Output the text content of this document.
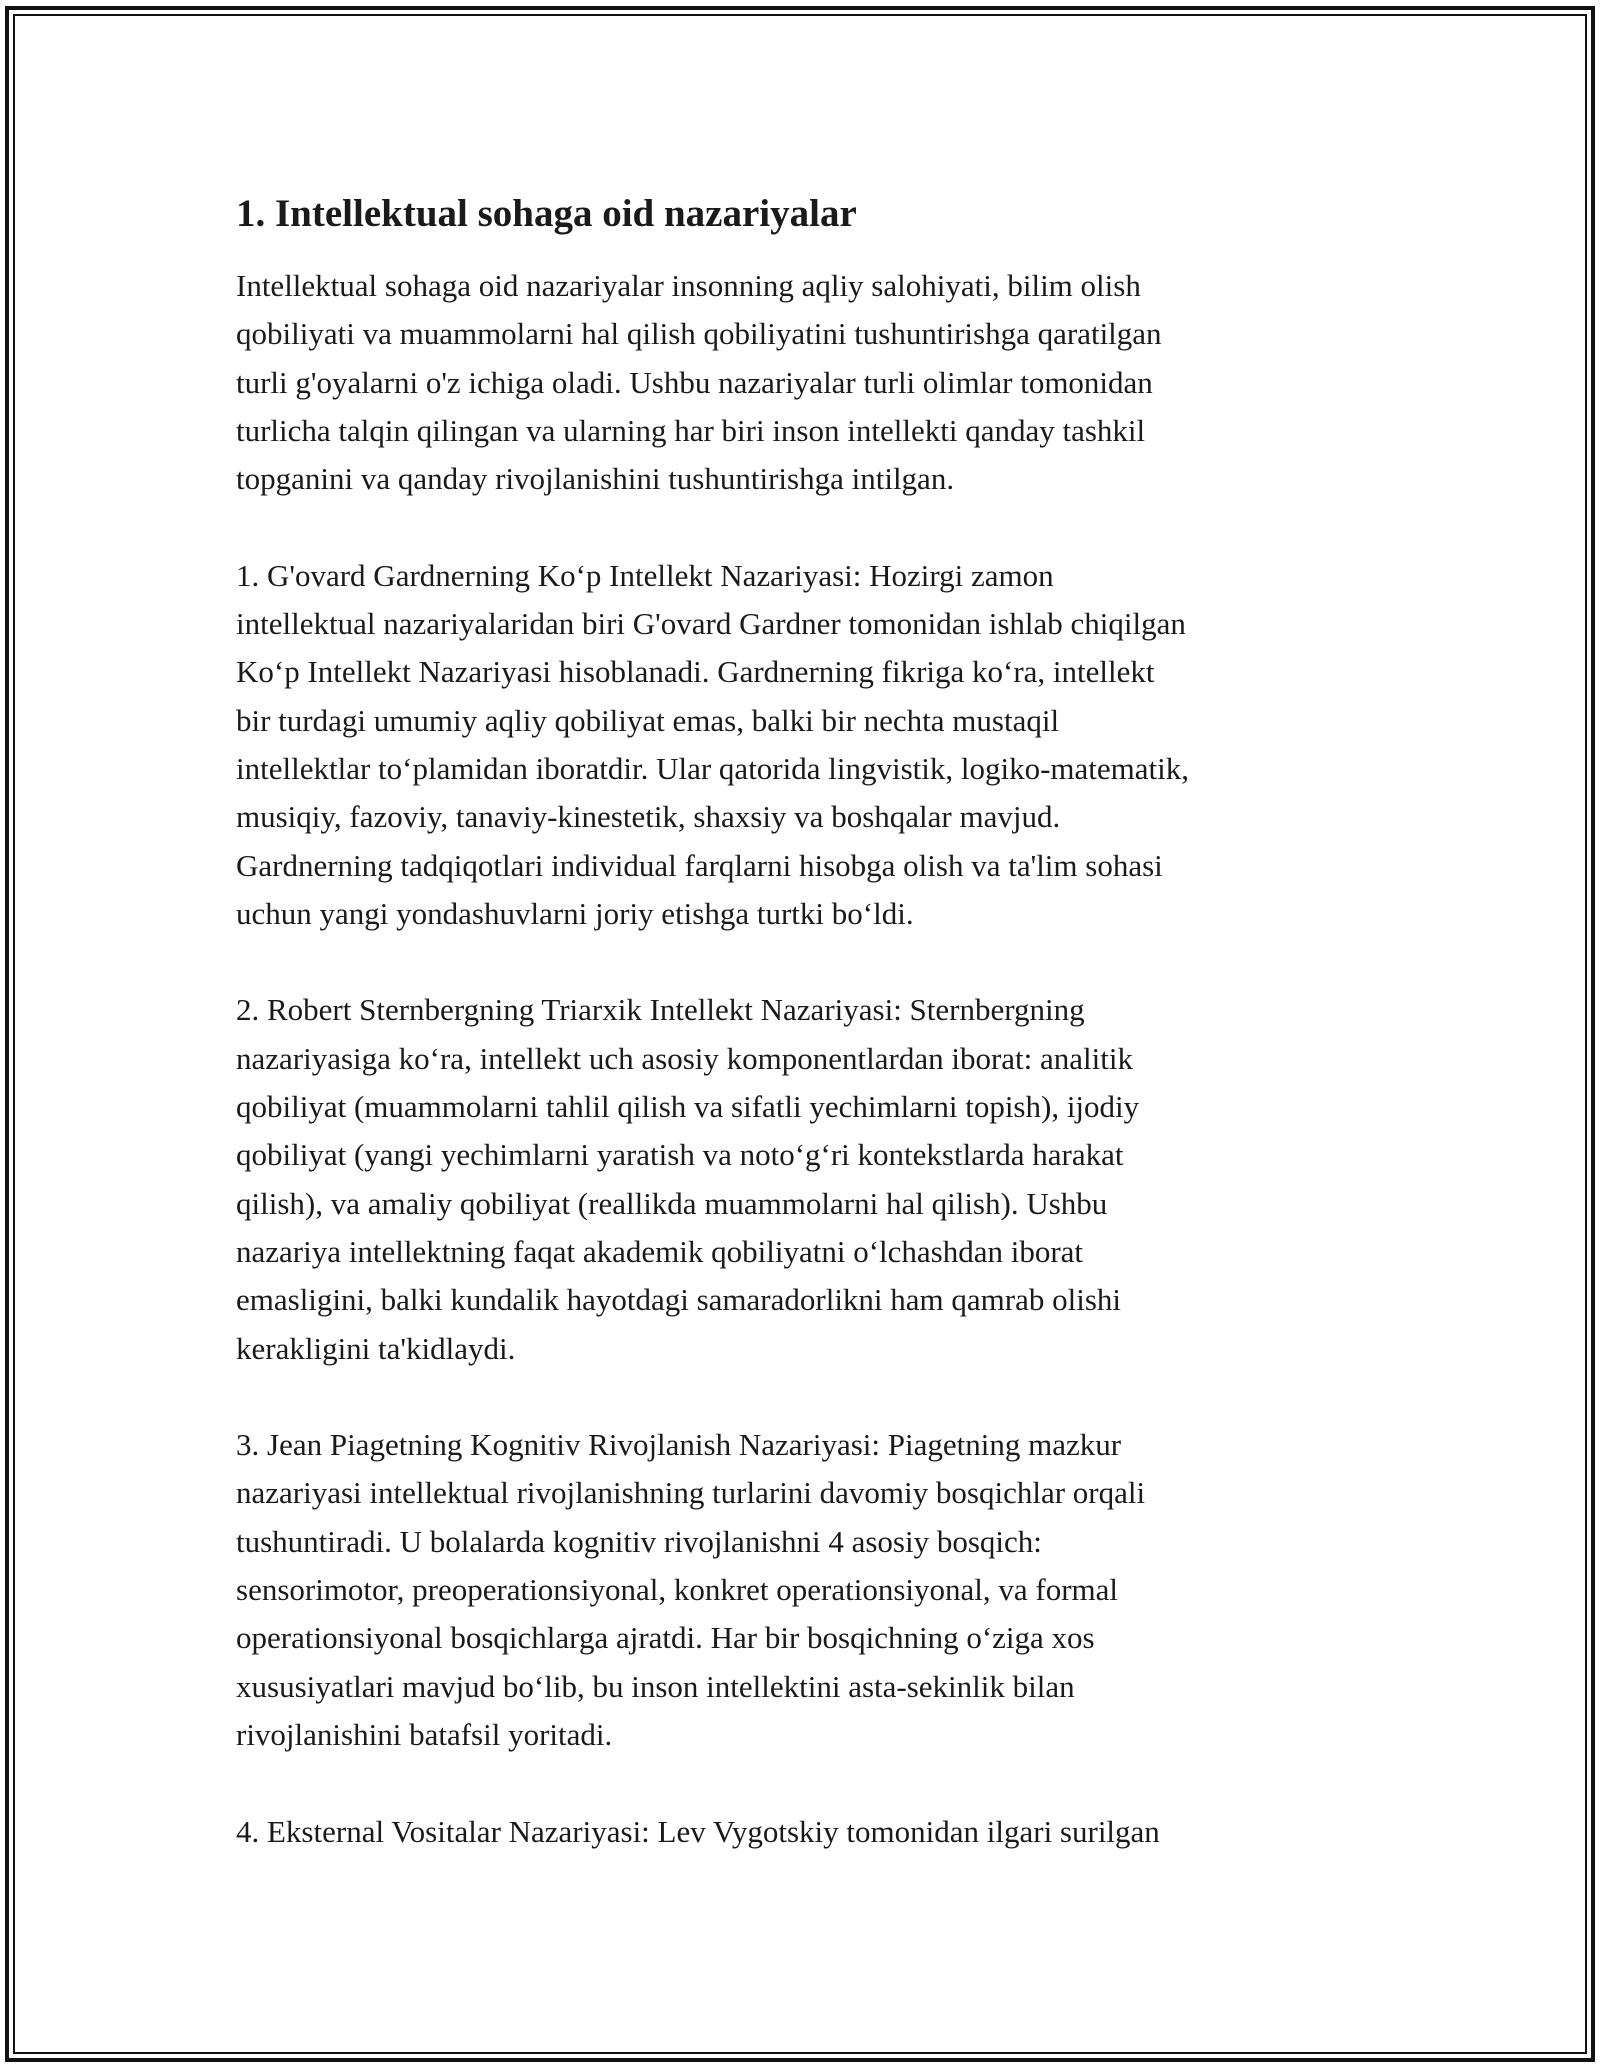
1. Intellektual sohaga oid nazariyalar

Intellektual sohaga oid nazariyalar insonning aqliy salohiyati, bilim olish
qobiliyati va muammolarni hal qilish qobiliyatini tushuntirishga qaratilgan
turli g'oyalarni o'z ichiga oladi. Ushbu nazariyalar turli olimlar tomonidan
turlicha talqin qilingan va ularning har biri inson intellekti qanday tashkil
topganini va qanday rivojlanishini tushuntirishga intilgan.

1. G'ovard Gardnerning Ko‘p Intellekt Nazariyasi: Hozirgi zamon
intellektual nazariyalaridan biri G'ovard Gardner tomonidan ishlab chiqilgan
Ko‘p Intellekt Nazariyasi hisoblanadi. Gardnerning fikriga ko‘ra, intellekt
bir turdagi umumiy aqliy qobiliyat emas, balki bir nechta mustaqil
intellektlar to‘plamidan iboratdir. Ular qatorida lingvistik, logiko-matematik,
musiqiy, fazoviy, tanaviy-kinestetik, shaxsiy va boshqalar mavjud.
Gardnerning tadqiqotlari individual farqlarni hisobga olish va ta'lim sohasi
uchun yangi yondashuvlarni joriy etishga turtki bo‘ldi.

2. Robert Sternbergning Triarxik Intellekt Nazariyasi: Sternbergning
nazariyasiga ko‘ra, intellekt uch asosiy komponentlardan iborat: analitik
qobiliyat (muammolarni tahlil qilish va sifatli yechimlarni topish), ijodiy
qobiliyat (yangi yechimlarni yaratish va noto‘g‘ri kontekstlarda harakat
qilish), va amaliy qobiliyat (reallikda muammolarni hal qilish). Ushbu
nazariya intellektning faqat akademik qobiliyatni o‘lchashdan iborat
emasligini, balki kundalik hayotdagi samaradorlikni ham qamrab olishi
kerakligini ta'kidlaydi.

3. Jean Piagetning Kognitiv Rivojlanish Nazariyasi: Piagetning mazkur
nazariyasi intellektual rivojlanishning turlarini davomiy bosqichlar orqali
tushuntiradi. U bolalarda kognitiv rivojlanishni 4 asosiy bosqich:
sensorimotor, preoperationsiyonal, konkret operationsiyonal, va formal
operationsiyonal bosqichlarga ajratdi. Har bir bosqichning o‘ziga xos
xususiyatlari mavjud bo‘lib, bu inson intellektini asta-sekinlik bilan
rivojlanishini batafsil yoritadi.

4. Eksternal Vositalar Nazariyasi: Lev Vygotskiy tomonidan ilgari surilgan
